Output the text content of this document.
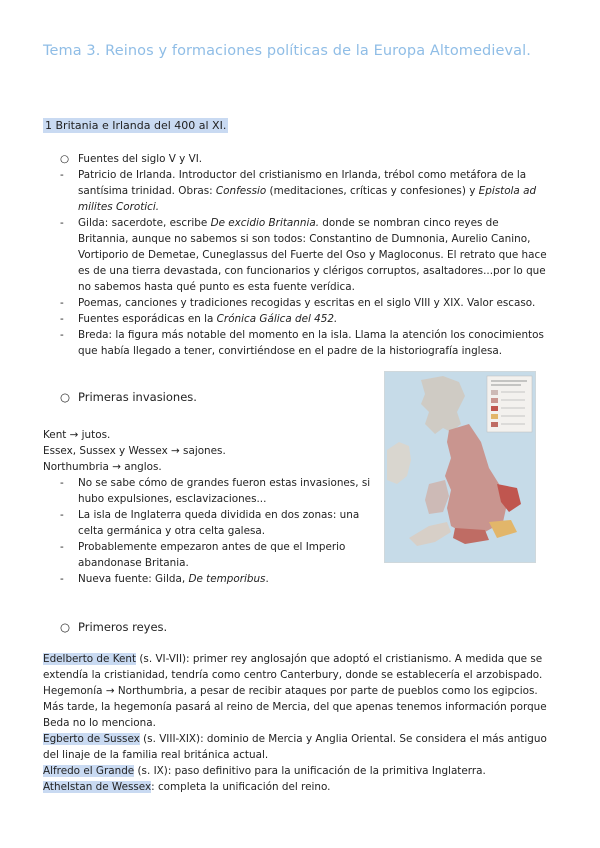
Tema 3. Reinos y formaciones políticas de la Europa Altomedieval.
1 Britania e Irlanda del 400 al XI.
○ Fuentes del siglo V y VI.
- Patricio de Irlanda. Introductor del cristianismo en Irlanda, trébol como metáfora de la santísima trinidad. Obras: Confessio (meditaciones, críticas y confesiones) y Epistola ad milites Corotici.
- Gilda: sacerdote, escribe De excidio Britannia. donde se nombran cinco reyes de Britannia, aunque no sabemos si son todos: Constantino de Dumnonia, Aurelio Canino, Vortiporio de Demetae, Cuneglassus del Fuerte del Oso y Magloconus. El retrato que hace es de una tierra devastada, con funcionarios y clérigos corruptos, asaltadores...por lo que no sabemos hasta qué punto es esta fuente verídica.
- Poemas, canciones y tradiciones recogidas y escritas en el siglo VIII y XIX. Valor escaso.
- Fuentes esporádicas en la Crónica Gálica del 452.
- Breda: la figura más notable del momento en la isla. Llama la atención los conocimientos que había llegado a tener, convirtiéndose en el padre de la historiografía inglesa.
○ Primeras invasiones.
Kent → jutos.
Essex, Sussex y Wessex → sajones.
Northumbria → anglos.
- No se sabe cómo de grandes fueron estas invasiones, si hubo expulsiones, esclavizaciones...
- La isla de Inglaterra queda dividida en dos zonas: una celta germánica y otra celta galesa.
- Probablemente empezaron antes de que el Imperio abandonase Britania.
- Nueva fuente: Gilda, De temporibus.
○ Primeros reyes.
Edelberto de Kent (s. VI-VII): primer rey anglosajón que adoptó el cristianismo. A medida que se extendía la cristianidad, tendría como centro Canterbury, donde se establecería el arzobispado. Hegemonía → Northumbria, a pesar de recibir ataques por parte de pueblos como los egipcios. Más tarde, la hegemonía pasará al reino de Mercia, del que apenas tenemos información porque Beda no lo menciona.
Egberto de Sussex (s. VIII-XIX): dominio de Mercia y Anglia Oriental. Se considera el más antiguo del linaje de la familia real británica actual.
Alfredo el Grande (s. IX): paso definitivo para la unificación de la primitiva Inglaterra.
Athelstan de Wessex: completa la unificación del reino.
